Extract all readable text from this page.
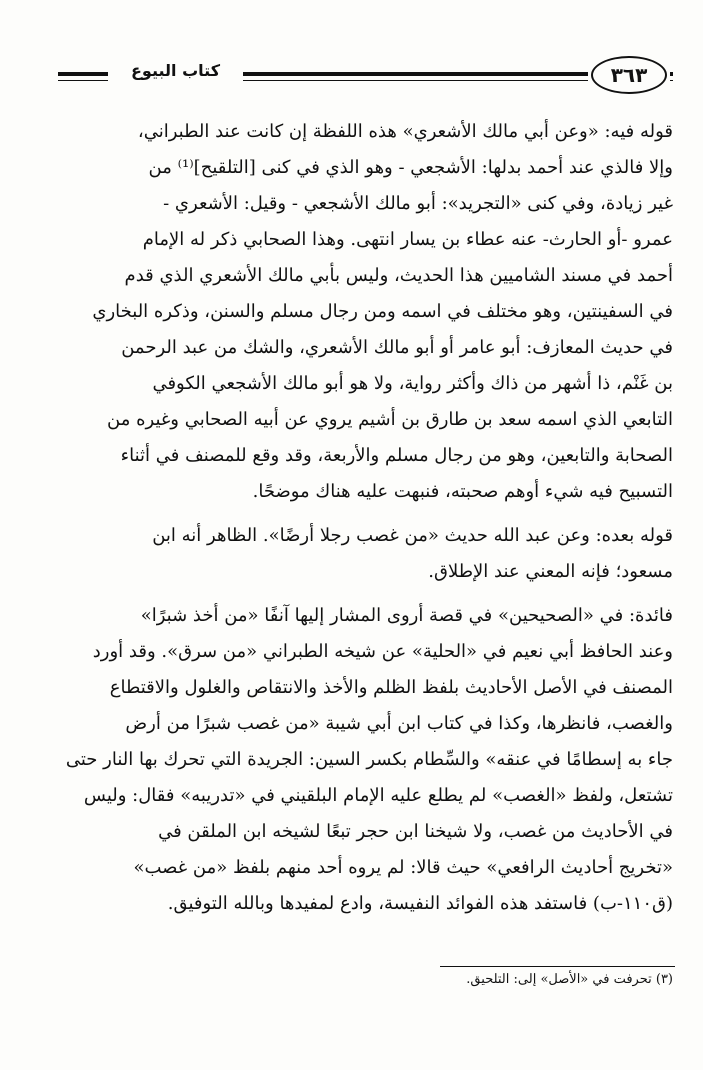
كتاب البيوع	٣٦٣
قوله فيه: «وعن أبي مالك الأشعري» هذه اللفظة إن كانت عند الطبراني،
وإلا فالذي عند أحمد بدلها: الأشجعي - وهو الذي في كنى [التلقيح]⁽¹⁾ من
غير زيادة، وفي كنى «التجريد»: أبو مالك الأشجعي - وقيل: الأشعري -
عمرو -أو الحارث- عنه عطاء بن يسار انتهى. وهذا الصحابي ذكر له الإمام
أحمد في مسند الشاميين هذا الحديث، وليس بأبي مالك الأشعري الذي قدم
في السفينتين، وهو مختلف في اسمه ومن رجال مسلم والسنن، وذكره البخاري
في حديث المعازف: أبو عامر أو أبو مالك الأشعري، والشك من عبد الرحمن
بن غَنْم، ذا أشهر من ذاك وأكثر رواية، ولا هو أبو مالك الأشجعي الكوفي
التابعي الذي اسمه سعد بن طارق بن أشيم يروي عن أبيه الصحابي وغيره من
الصحابة والتابعين، وهو من رجال مسلم والأربعة، وقد وقع للمصنف في أثناء
التسبيح فيه شيء أوهم صحبته، فنبهت عليه هناك موضحًا.
قوله بعده: وعن عبد الله حديث «من غصب رجلا أرضًا». الظاهر أنه ابن
مسعود؛ فإنه المعني عند الإطلاق.
فائدة: في «الصحيحين» في قصة أروى المشار إليها آنفًا «من أخذ شبرًا»
وعند الحافظ أبي نعيم في «الحلية» عن شيخه الطبراني «من سرق». وقد أورد
المصنف في الأصل الأحاديث بلفظ الظلم والأخذ والانتقاص والغلول والاقتطاع
والغصب، فانظرها، وكذا في كتاب ابن أبي شيبة «من غصب شبرًا من أرض
جاء به إسطامًا في عنقه» والسِّطام بكسر السين: الجريدة التي تحرك بها النار حتى
تشتعل، ولفظ «الغصب» لم يطلع عليه الإمام البلقيني في «تدريبه» فقال: وليس
في الأحاديث من غصب، ولا شيخنا ابن حجر تبعًا لشيخه ابن الملقن في
«تخريج أحاديث الرافعي» حيث قالا: لم يروه أحد منهم بلفظ «من غصب»
(ق١١٠-ب) فاستفد هذه الفوائد النفيسة، وادع لمفيدها وبالله التوفيق.
(٣) تحرفت في «الأصل» إلى: التلحيق.
